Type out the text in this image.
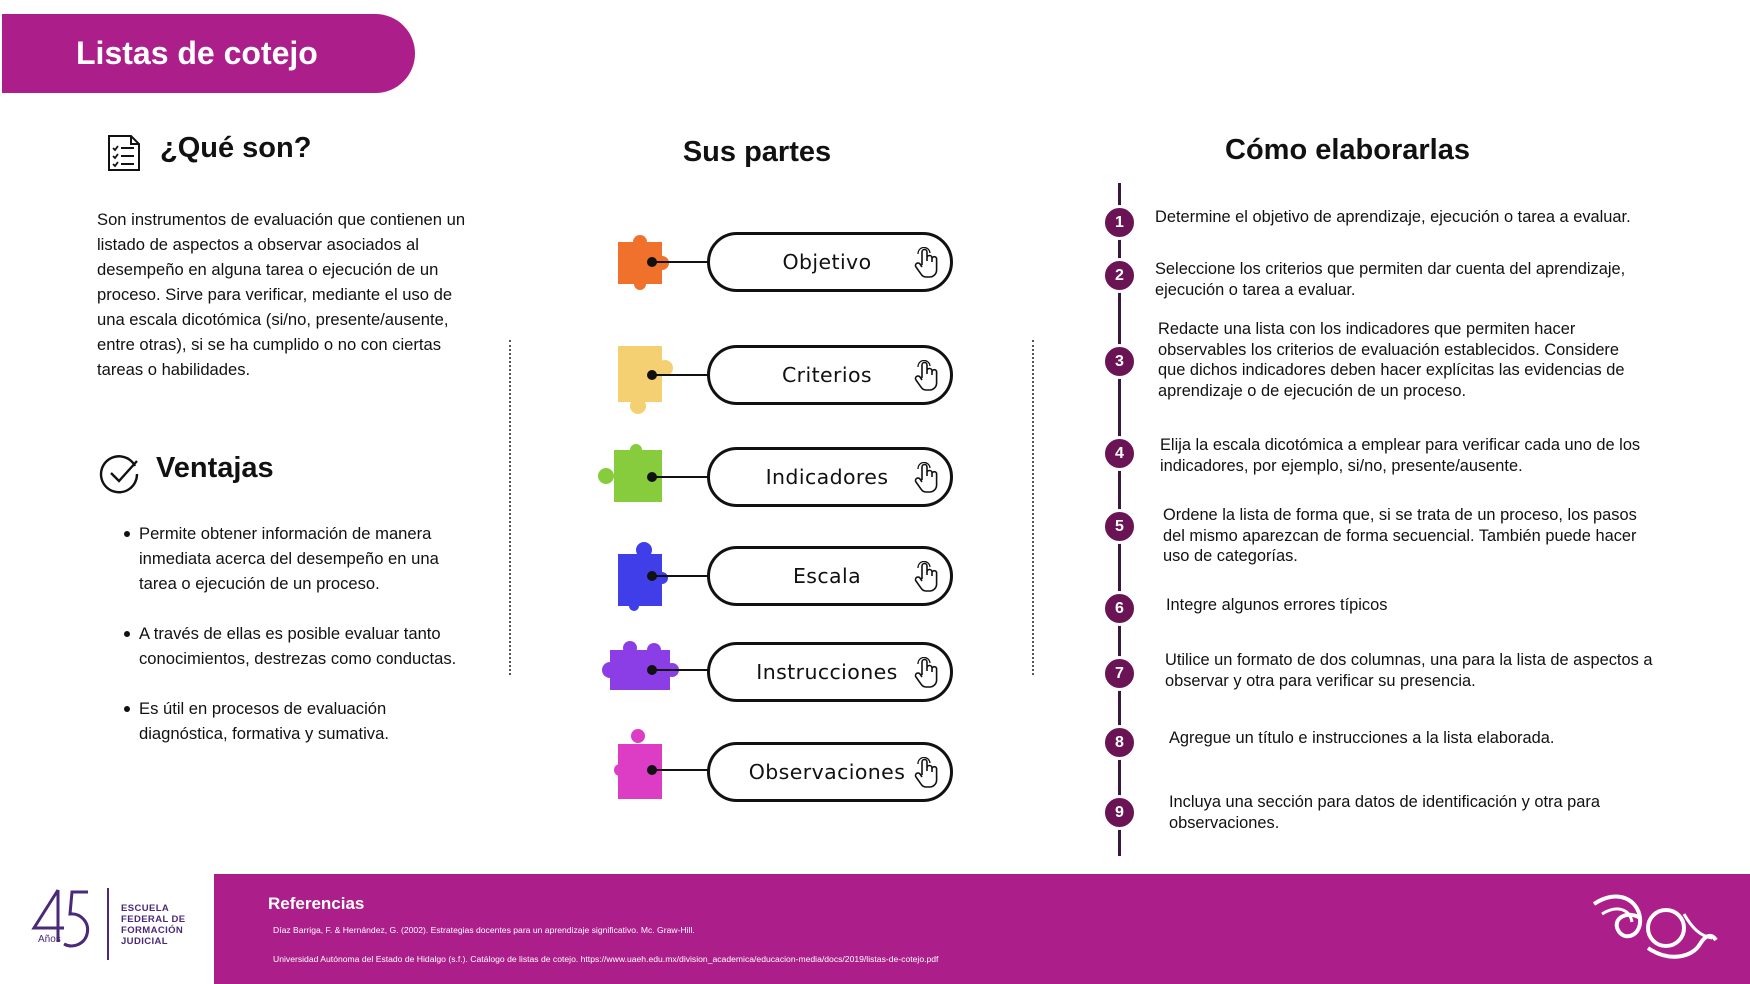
Listas de cotejo
¿Qué son?

Son instrumentos de evaluación que contienen un listado de aspectos a observar asociados al desempeño en alguna tarea o ejecución de un proceso. Sirve para verificar, mediante el uso de una escala dicotómica (si/no, presente/ausente, entre otras), si se ha cumplido o no con ciertas tareas o habilidades.

Ventajas
Permite obtener información de manera inmediata acerca del desempeño en una tarea o ejecución de un proceso.
A través de ellas es posible evaluar tanto conocimientos, destrezas como conductas.
Es útil en procesos de evaluación diagnóstica, formativa y sumativa.
Sus partes
Objetivo
Criterios
Indicadores
Escala
Instrucciones
Observaciones
Cómo elaborarlas
1	Determine el objetivo de aprendizaje, ejecución o tarea a evaluar.
2	Seleccione los criterios que permiten dar cuenta del aprendizaje, ejecución o tarea a evaluar.
3
Redacte una lista con los indicadores que permiten hacer observables los criterios de evaluación establecidos. Considere que dichos indicadores deben hacer explícitas las evidencias de aprendizaje o de ejecución de un proceso.
4	Elija la escala dicotómica a emplear para verificar cada uno de los indicadores, por ejemplo, si/no, presente/ausente.
5
Ordene la lista de forma que, si se trata de un proceso, los pasos del mismo aparezcan de forma secuencial. También puede hacer uso de categorías.
6	Integre algunos errores típicos
7
Utilice un formato de dos columnas, una para la lista de aspectos a observar y otra para verificar su presencia.
8	Agregue un título e instrucciones a la lista elaborada.
9
Incluya una sección para datos de identificación y otra para observaciones.
Años
ESCUELA
FEDERAL DE
FORMACIÓN
JUDICIAL
Referencias
Díaz Barriga, F. & Hernández, G. (2002). Estrategias docentes para un aprendizaje significativo. Mc. Graw-Hill.
Universidad Autónoma del Estado de Hidalgo (s.f.). Catálogo de listas de cotejo. https://www.uaeh.edu.mx/division_academica/educacion-media/docs/2019/listas-de-cotejo.pdf
